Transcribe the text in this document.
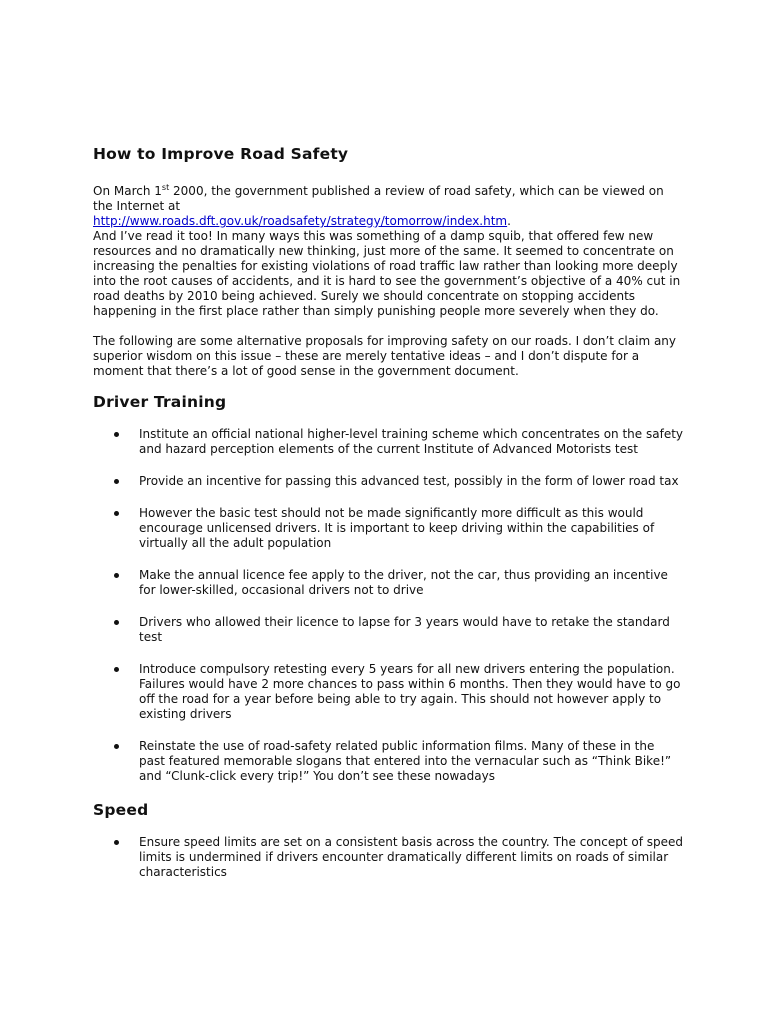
How to Improve Road Safety

On March 1st 2000, the government published a review of road safety, which can be viewed on the Internet at
http://www.roads.dft.gov.uk/roadsafety/strategy/tomorrow/index.htm.
And I’ve read it too! In many ways this was something of a damp squib, that offered few new resources and no dramatically new thinking, just more of the same. It seemed to concentrate on increasing the penalties for existing violations of road traffic law rather than looking more deeply into the root causes of accidents, and it is hard to see the government’s objective of a 40% cut in road deaths by 2010 being achieved. Surely we should concentrate on stopping accidents happening in the first place rather than simply punishing people more severely when they do.

The following are some alternative proposals for improving safety on our roads. I don’t claim any superior wisdom on this issue – these are merely tentative ideas – and I don’t dispute for a moment that there’s a lot of good sense in the government document.

Driver Training
Institute an official national higher-level training scheme which concentrates on the safety and hazard perception elements of the current Institute of Advanced Motorists test
Provide an incentive for passing this advanced test, possibly in the form of lower road tax
However the basic test should not be made significantly more difficult as this would encourage unlicensed drivers. It is important to keep driving within the capabilities of virtually all the adult population
Make the annual licence fee apply to the driver, not the car, thus providing an incentive for lower-skilled, occasional drivers not to drive
Drivers who allowed their licence to lapse for 3 years would have to retake the standard test
Introduce compulsory retesting every 5 years for all new drivers entering the population. Failures would have 2 more chances to pass within 6 months. Then they would have to go off the road for a year before being able to try again. This should not however apply to existing drivers
Reinstate the use of road-safety related public information films. Many of these in the past featured memorable slogans that entered into the vernacular such as “Think Bike!” and “Clunk-click every trip!” You don’t see these nowadays
Speed
Ensure speed limits are set on a consistent basis across the country. The concept of speed limits is undermined if drivers encounter dramatically different limits on roads of similar characteristics
